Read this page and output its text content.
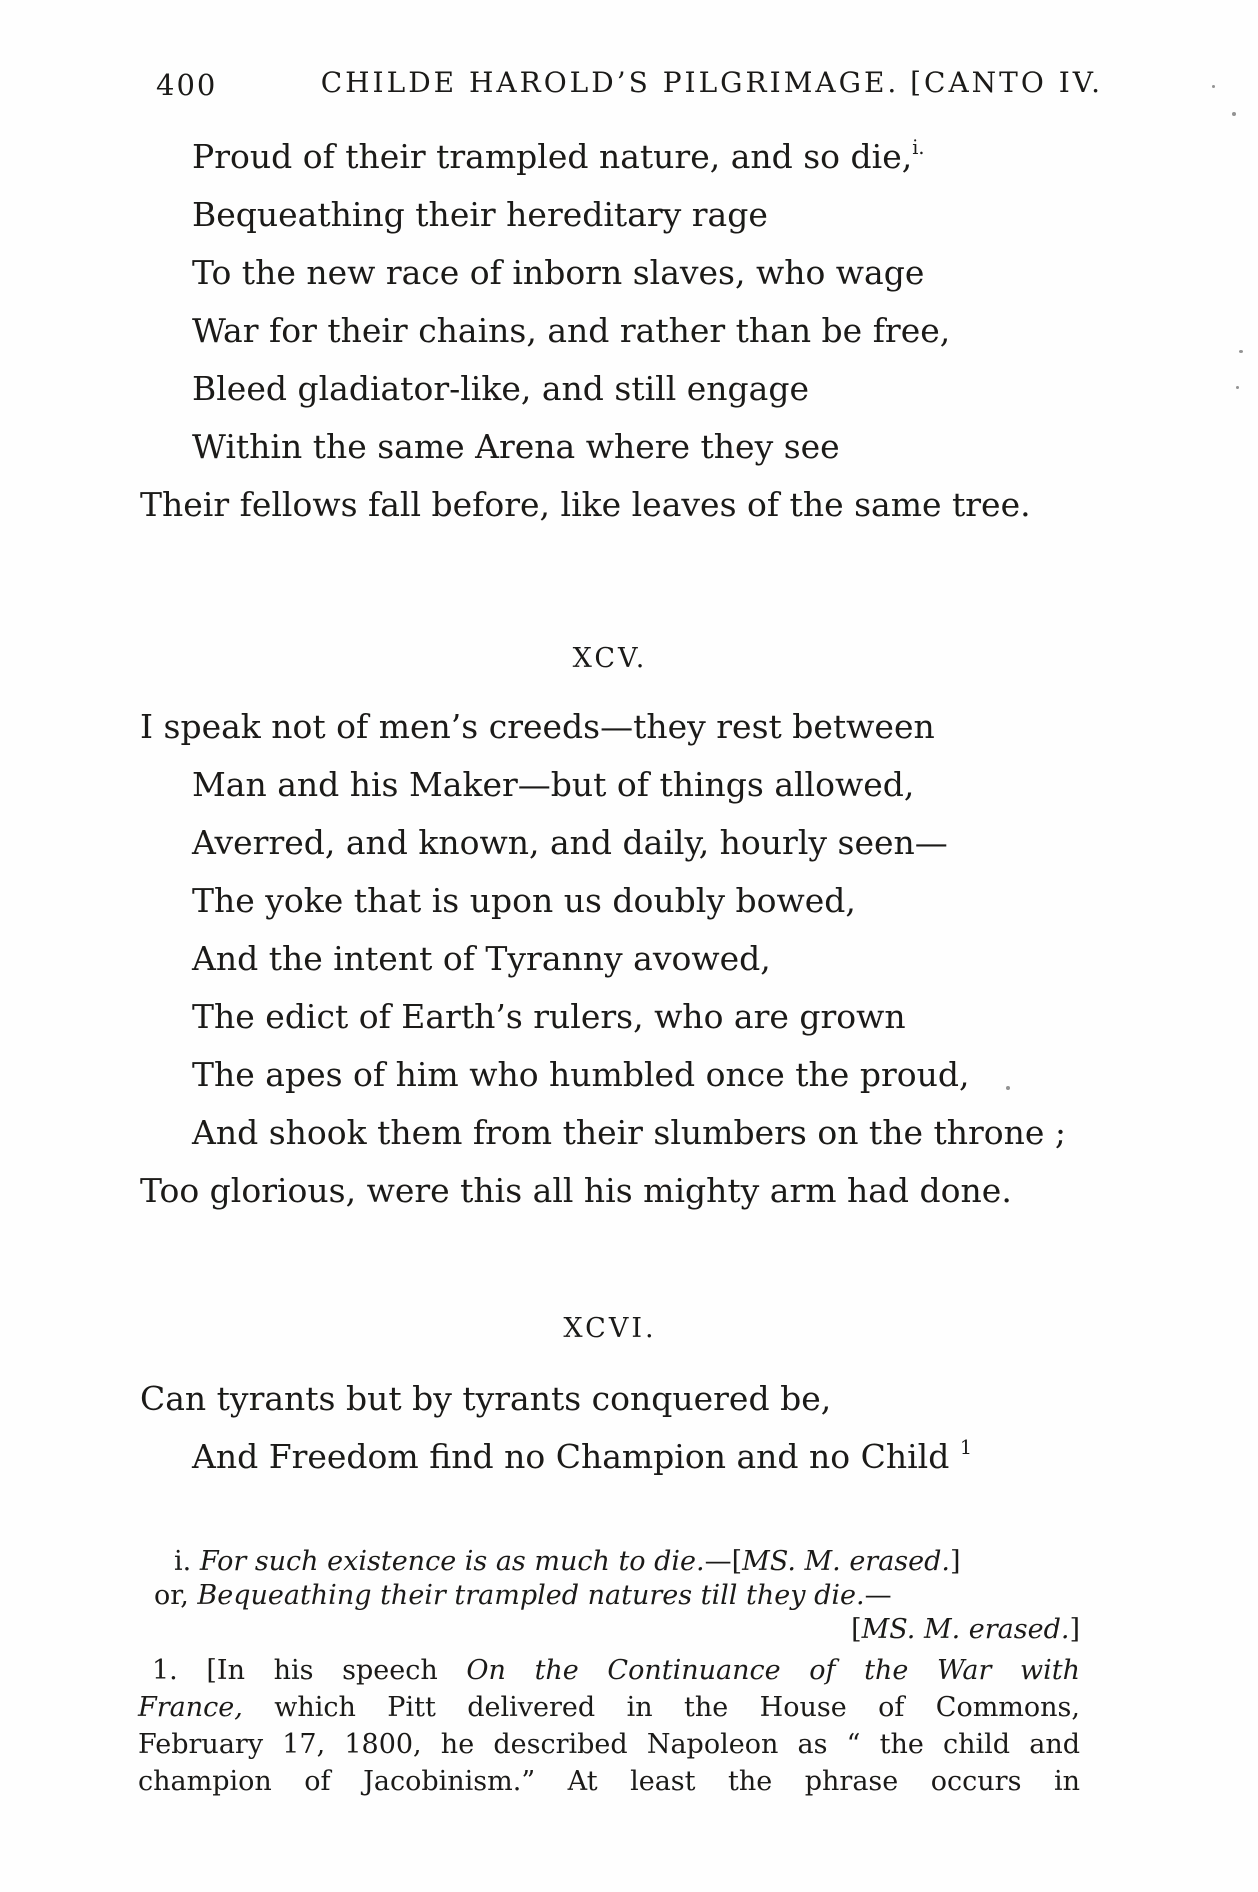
400	CHILDE HAROLD’S PILGRIMAGE. [CANTO IV.
Proud of their trampled nature, and so die,$^{i.}$
Bequeathing their hereditary rage
To the new race of inborn slaves, who wage
War for their chains, and rather than be free,
Bleed gladiator-like, and still engage
Within the same Arena where they see
Their fellows fall before, like leaves of the same tree.
XCV.
I speak not of men’s creeds—they rest between
Man and his Maker—but of things allowed,
Averred, and known, and daily, hourly seen—
The yoke that is upon us doubly bowed,
And the intent of Tyranny avowed,
The edict of Earth’s rulers, who are grown
The apes of him who humbled once the proud,
And shook them from their slumbers on the throne ;
Too glorious, were this all his mighty arm had done.
XCVI.
Can tyrants but by tyrants conquered be,
And Freedom find no Champion and no Child $^1$
i. For such existence is as much to die.—[MS. M. erased.]
or, Bequeathing their trampled natures till they die.—
[MS. M. erased.]
1. [In his speech On the Continuance of the War with
France, which Pitt delivered in the House of Commons,
February 17, 1800, he described Napoleon as “ the child and
champion of Jacobinism.” At least the phrase occurs in
